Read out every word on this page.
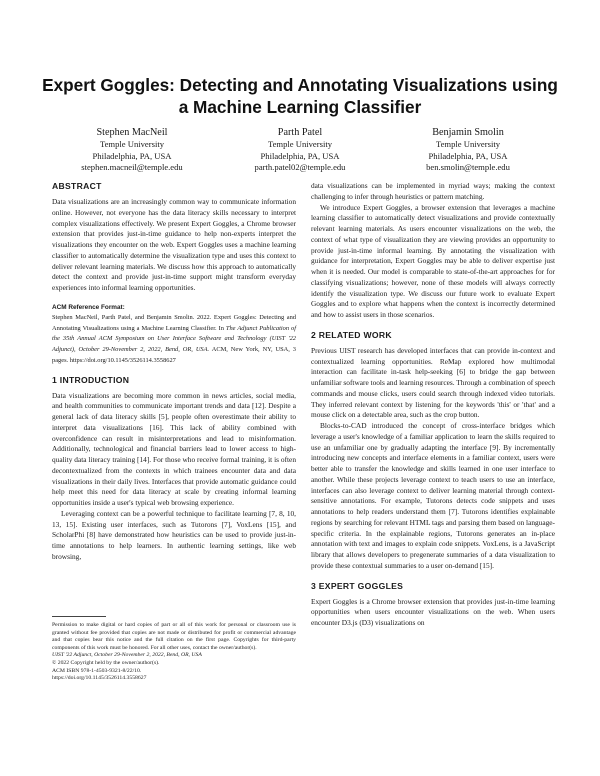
Expert Goggles: Detecting and Annotating Visualizations using a Machine Learning Classifier
Stephen MacNeil
Temple University
Philadelphia, PA, USA
stephen.macneil@temple.edu
Parth Patel
Temple University
Philadelphia, PA, USA
parth.patel02@temple.edu
Benjamin Smolin
Temple University
Philadelphia, PA, USA
ben.smolin@temple.edu
ABSTRACT

Data visualizations are an increasingly common way to communicate information online. However, not everyone has the data literacy skills necessary to interpret complex visualizations effectively. We present Expert Goggles, a Chrome browser extension that provides just-in-time guidance to help non-experts interpret the visualizations they encounter on the web. Expert Goggles uses a machine learning classifier to automatically determine the visualization type and uses this context to deliver relevant learning materials. We discuss how this approach to automatically detect the context and provide just-in-time support might transform everyday experiences into informal learning opportunities.

ACM Reference Format:
Stephen MacNeil, Parth Patel, and Benjamin Smolin. 2022. Expert Goggles: Detecting and Annotating Visualizations using a Machine Learning Classifier. In The Adjunct Publication of the 35th Annual ACM Symposium on User Interface Software and Technology (UIST '22 Adjunct), October 29-November 2, 2022, Bend, OR, USA. ACM, New York, NY, USA, 3 pages. https://doi.org/10.1145/3526114.3558627
1 INTRODUCTION

Data visualizations are becoming more common in news articles, social media, and health communities to communicate important trends and data [12]. Despite a general lack of data literacy skills [5], people often overestimate their ability to interpret data visualizations [16]. This lack of ability combined with overconfidence can result in misinterpretations and lead to misinformation. Additionally, technological and financial barriers lead to lower access to high-quality data literacy training [14]. For those who receive formal training, it is often decontextualized from the contexts in which trainees encounter data and data visualizations in their daily lives. Interfaces that provide automatic guidance could help meet this need for data literacy at scale by creating informal learning opportunities inside a user's typical web browsing experience.

Leveraging context can be a powerful technique to facilitate learning [7, 8, 10, 13, 15]. Existing user interfaces, such as Tutorons [7], VoxLens [15], and ScholarPhi [8] have demonstrated how heuristics can be used to provide just-in-time annotations to help learners. In authentic learning settings, like web browsing,

Permission to make digital or hard copies of part or all of this work for personal or classroom use is granted without fee provided that copies are not made or distributed for profit or commercial advantage and that copies bear this notice and the full citation on the first page. Copyrights for third-party components of this work must be honored. For all other uses, contact the owner/author(s).

UIST '22 Adjunct, October 29-November 2, 2022, Bend, OR, USA

© 2022 Copyright held by the owner/author(s).

ACM ISBN 978-1-4503-9321-8/22/10.

https://doi.org/10.1145/3526114.3558627

data visualizations can be implemented in myriad ways; making the context challenging to infer through heuristics or pattern matching.

We introduce Expert Goggles, a browser extension that leverages a machine learning classifier to automatically detect visualizations and provide contextually relevant learning materials. As users encounter visualizations on the web, the context of what type of visualization they are viewing provides an opportunity to provide just-in-time informal learning. By annotating the visualization with guidance for interpretation, Expert Goggles may be able to deliver expertise just when it is needed. Our model is comparable to state-of-the-art approaches for for classifying visualizations; however, none of these models will always correctly identify the visualization type. We discuss our future work to evaluate Expert Goggles and to explore what happens when the context is incorrectly determined and how to assist users in those scenarios.

2 RELATED WORK

Previous UIST research has developed interfaces that can provide in-context and contextualized learning opportunities. ReMap explored how multimodal interaction can facilitate in-task help-seeking [6] to bridge the gap between unfamiliar software tools and learning resources. Through a combination of speech commands and mouse clicks, users could search through indexed video tutorials. They inferred relevant context by listening for the keywords 'this' or 'that' and a mouse click on a detectable area, such as the crop button.

Blocks-to-CAD introduced the concept of cross-interface bridges which leverage a user's knowledge of a familiar application to learn the skills required to use an unfamiliar one by gradually adapting the interface [9]. By incrementally introducing new concepts and interface elements in a familiar context, users were better able to transfer the knowledge and skills learned in one user interface to another. While these projects leverage context to teach users to use an interface, interfaces can also leverage context to deliver learning material through context-sensitive annotations. For example, Tutorons detects code snippets and uses annotations to help readers understand them [7]. Tutorons identifies explainable regions by searching for relevant HTML tags and parsing them based on language-specific criteria. In the explainable regions, Tutorons generates an in-place annotation with text and images to explain code snippets. VoxLens, is a JavaScript library that allows developers to pregenerate summaries of a data visualization to provide these contextual summaries to a user on-demand [15].

3 EXPERT GOGGLES

Expert Goggles is a Chrome browser extension that provides just-in-time learning opportunities when users encounter visualizations on the web. When users encounter D3.js (D3) visualizations on
